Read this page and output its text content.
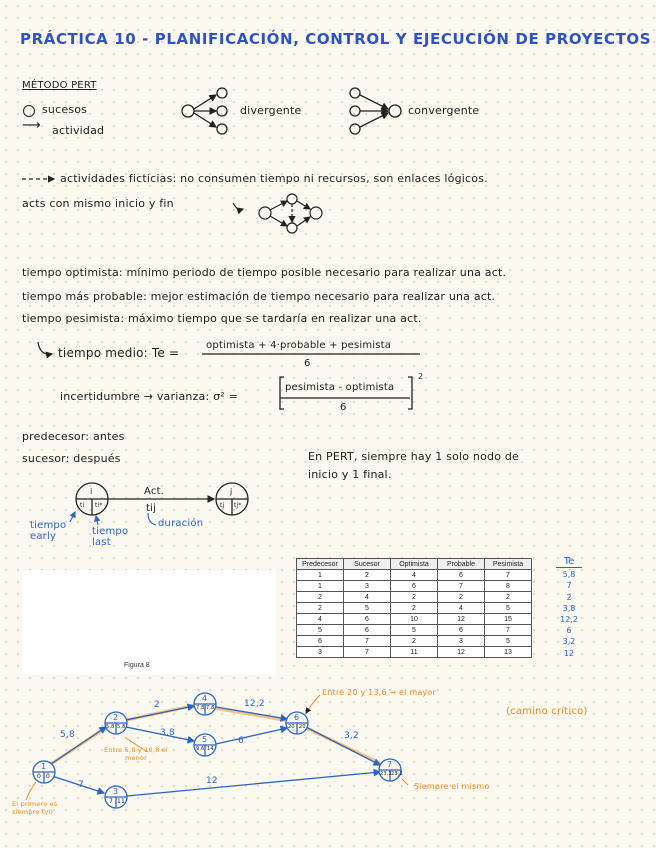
PRÁCTICA 10 - PLANIFICACIÓN, CONTROL Y EJECUCIÓN DE PROYECTOS
MÉTODO PERT
sucesos
⟶ actividad
divergente	convergente
actividades ficticias: no consumen tiempo ni recursos, son enlaces lógicos.
acts con mismo inicio y fin
tiempo optimista: mínimo periodo de tiempo posible necesario para realizar una act.
tiempo más probable: mejor estimación de tiempo necesario para realizar una act.
tiempo pesimista: máximo tiempo que se tardaría en realizar una act.
tiempo medio: Te =
optimista + 4·probable + pesimista
6
incertidumbre → varianza: σ² =
pesimista - optimista
6
2
predecesor: antes
sucesor: después	En PERT, siempre hay 1 solo nodo de
inicio y 1 final.
i
ti ti*
j
tj tj*
Act.
tij
tiempo early	tiempo last
duración
Figura 8
1
2
3
4
5
6
7
Predecesor	Sucesor	Optimista	Probable	Pesimista
1	2	4	6	7
1	3	6	7	8
2	4	2	2	2
2	5	2	4	5
4	6	10	12	15
5	6	5	6	7
6	7	2	3	5
3	7	11	12	13
Te
5,8
7
2
3,8
12,2
6
3,2
12
(camino crítico)
Entre 20 y 13,6 → el mayor
Entre 5,8 y 10,8 el menor
El primero es siempre 0/0
Siempre el mismo
5,8
7
2
3,8
12,2
6	3,2
12
1
0 0
2
5,8 5,8
3
7 11
4
7,8 7,8
5
9,6 14
6
20 20
7
23,2 23,2
